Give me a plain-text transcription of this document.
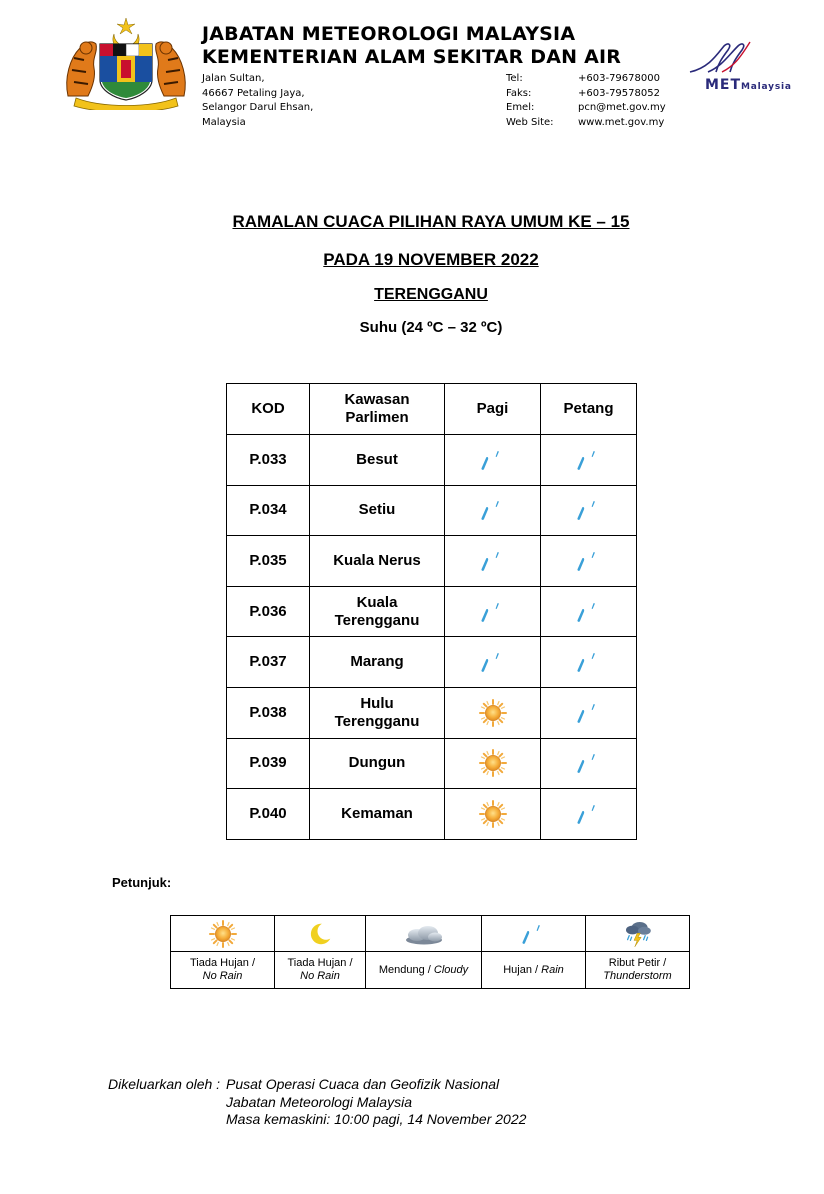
JABATAN METEOROLOGI MALAYSIA
KEMENTERIAN ALAM SEKITAR DAN AIR
Jalan Sultan,
46667 Petaling Jaya,
Selangor Darul Ehsan,
Malaysia
Tel:	+603-79678000
Faks:	+603-79578052
Emel:	pcn@met.gov.my
Web Site:	www.met.gov.my
METMalaysia
RAMALAN CUACA PILIHAN RAYA UMUM KE – 15
PADA 19 NOVEMBER 2022
TERENGGANU
Suhu (24 ºC – 32 ºC)
KOD	Kawasan Parlimen	Pagi	Petang
P.033	Besut

P.034	Setiu

P.035	Kuala Nerus

P.036	Kuala Terengganu

P.037	Marang

P.038	Hulu Terengganu

P.039	Dungun

P.040	Kemaman

Petunjuk:

Tiada Hujan /
No Rain	Tiada Hujan /
No Rain	Mendung / Cloudy	Hujan / Rain	Ribut Petir /
Thunderstorm
Dikeluarkan oleh : Pusat Operasi Cuaca dan Geofizik Nasional
Jabatan Meteorologi Malaysia
Masa kemaskini: 10:00 pagi, 14 November 2022
